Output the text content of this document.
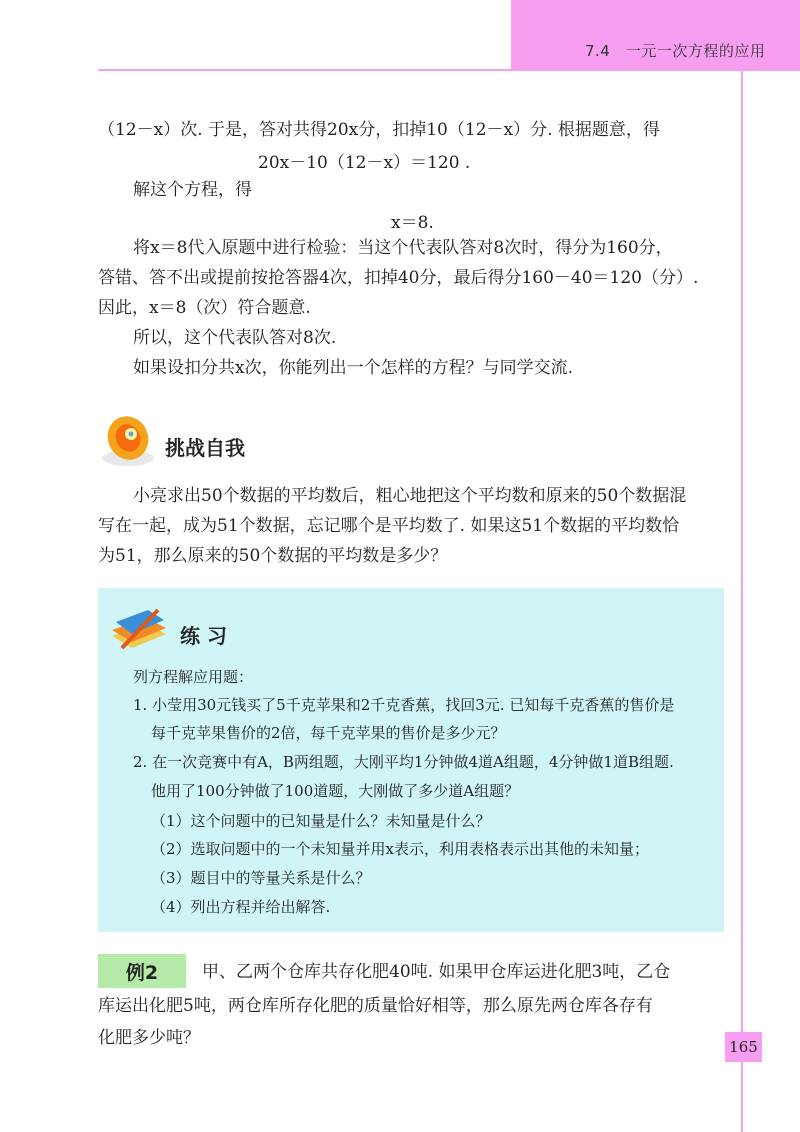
7.4　一元一次方程的应用
（12－x）次. 于是，答对共得20x分，扣掉10（12－x）分. 根据题意，得
20x－10（12－x）＝120 .
解这个方程，得
x＝8.
将x＝8代入原题中进行检验：当这个代表队答对8次时，得分为160分，
答错、答不出或提前按抢答器4次，扣掉40分，最后得分160－40＝120（分）.
因此，x＝8（次）符合题意.
所以，这个代表队答对8次.
如果设扣分共x次，你能列出一个怎样的方程？与同学交流.
挑战自我
小亮求出50个数据的平均数后，粗心地把这个平均数和原来的50个数据混
写在一起，成为51个数据，忘记哪个是平均数了. 如果这51个数据的平均数恰
为51，那么原来的50个数据的平均数是多少？
练 习
列方程解应用题：
1. 小莹用30元钱买了5千克苹果和2千克香蕉，找回3元. 已知每千克香蕉的售价是
每千克苹果售价的2倍，每千克苹果的售价是多少元？
2. 在一次竞赛中有A，B两组题，大刚平均1分钟做4道A组题，4分钟做1道B组题.
他用了100分钟做了100道题，大刚做了多少道A组题？
（1）这个问题中的已知量是什么？未知量是什么？
（2）选取问题中的一个未知量并用x表示，利用表格表示出其他的未知量；
（3）题目中的等量关系是什么？
（4）列出方程并给出解答.
例2	甲、乙两个仓库共存化肥40吨. 如果甲仓库运进化肥3吨，乙仓
库运出化肥5吨，两仓库所存化肥的质量恰好相等，那么原先两仓库各存有
化肥多少吨？	165
